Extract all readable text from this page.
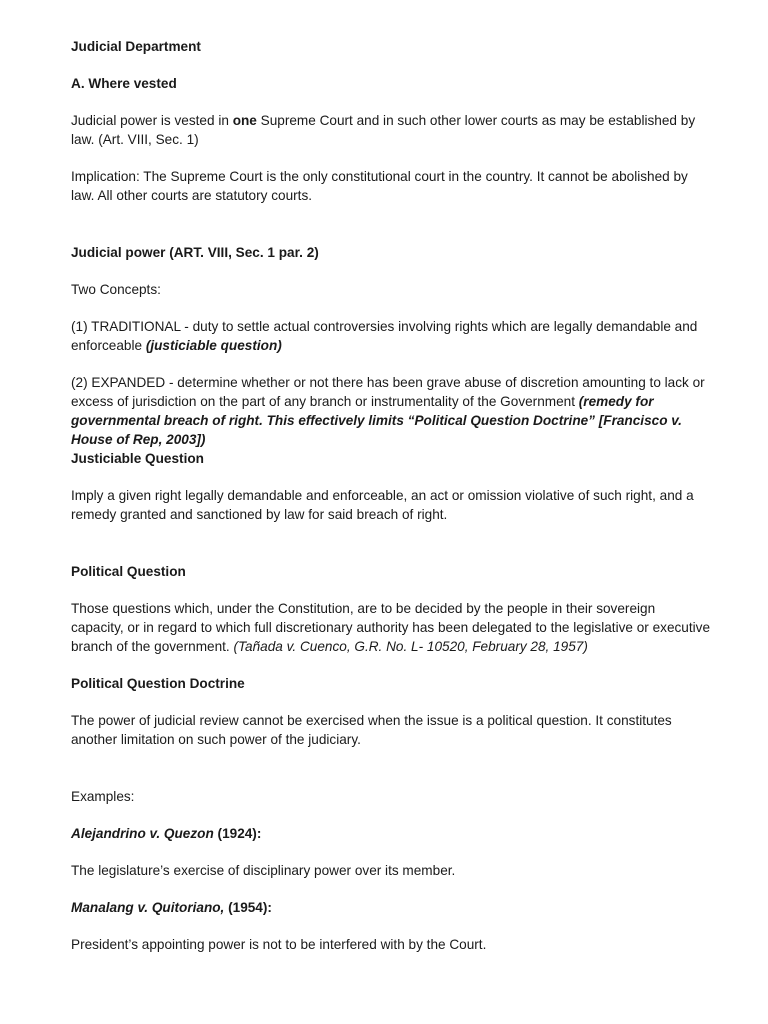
Judicial Department

A. Where vested

Judicial power is vested in one Supreme Court and in such other lower courts as may be established by law. (Art. VIII, Sec. 1)

Implication: The Supreme Court is the only constitutional court in the country. It cannot be abolished by law. All other courts are statutory courts.

Judicial power (ART. VIII, Sec. 1 par. 2)

Two Concepts:

(1) TRADITIONAL - duty to settle actual controversies involving rights which are legally demandable and enforceable (justiciable question)

(2) EXPANDED - determine whether or not there has been grave abuse of discretion amounting to lack or excess of jurisdiction on the part of any branch or instrumentality of the Government (remedy for governmental breach of right. This effectively limits “Political Question Doctrine” [Francisco v. House of Rep, 2003])

Justiciable Question

Imply a given right legally demandable and enforceable, an act or omission violative of such right, and a remedy granted and sanctioned by law for said breach of right.

Political Question

Those questions which, under the Constitution, are to be decided by the people in their sovereign capacity, or in regard to which full discretionary authority has been delegated to the legislative or executive branch of the government. (Tañada v. Cuenco, G.R. No. L- 10520, February 28, 1957)

Political Question Doctrine

The power of judicial review cannot be exercised when the issue is a political question. It constitutes another limitation on such power of the judiciary.

Examples:

Alejandrino v. Quezon (1924):

The legislature’s exercise of disciplinary power over its member.

Manalang v. Quitoriano, (1954):

President’s appointing power is not to be interfered with by the Court.
